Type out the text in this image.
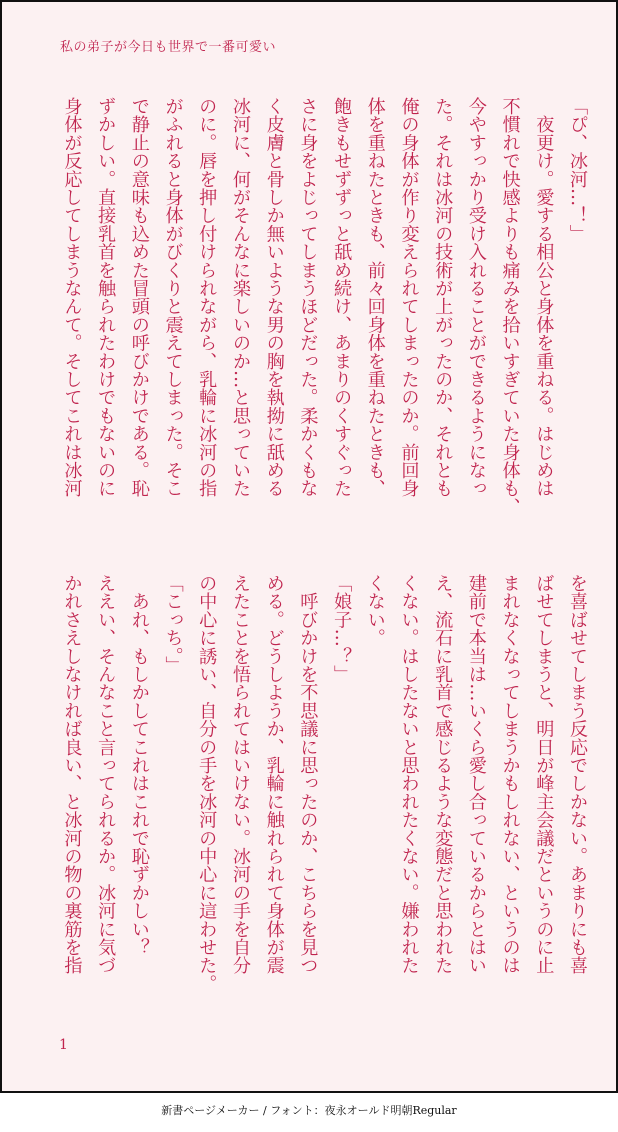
私の弟子が今日も世界で一番可愛い
「ぴ、冰河…！」
　夜更け。愛する相公と身体を重ねる。はじめは
不慣れで快感よりも痛みを拾いすぎていた身体も、
今やすっかり受け入れることができるようになっ
た。それは冰河の技術が上がったのか、それとも
俺の身体が作り変えられてしまったのか。前回身
体を重ねたときも、前々回身体を重ねたときも、
飽きもせずずっと舐め続け、あまりのくすぐった
さに身をよじってしまうほどだった。柔かくもな
く皮膚と骨しか無いような男の胸を執拗に舐める
冰河に、何がそんなに楽しいのか…と思っていた
のに。唇を押し付けられながら、乳輪に冰河の指
がふれると身体がびくりと震えてしまった。そこ
で静止の意味も込めた冒頭の呼びかけである。恥
ずかしい。直接乳首を触られたわけでもないのに
身体が反応してしまうなんて。そしてこれは冰河
を喜ばせてしまう反応でしかない。あまりにも喜
ばせてしまうと、明日が峰主会議だというのに止
まれなくなってしまうかもしれない、というのは
建前で本当は…いくら愛し合っているからとはい
え、流石に乳首で感じるような変態だと思われた
くない。はしたないと思われたくない。嫌われた
くない。
「娘子…？」
　呼びかけを不思議に思ったのか、こちらを見つ
める。どうしようか、乳輪に触れられて身体が震
えたことを悟られてはいけない。冰河の手を自分
の中心に誘い、自分の手を冰河の中心に這わせた。
「こっち。」
　あれ、もしかしてこれはこれで恥ずかしい？
ええい、そんなこと言ってられるか。冰河に気づ
かれさえしなければ良い、と冰河の物の裏筋を指
1
新書ページメーカー / フォント：夜永オールド明朝Regular
